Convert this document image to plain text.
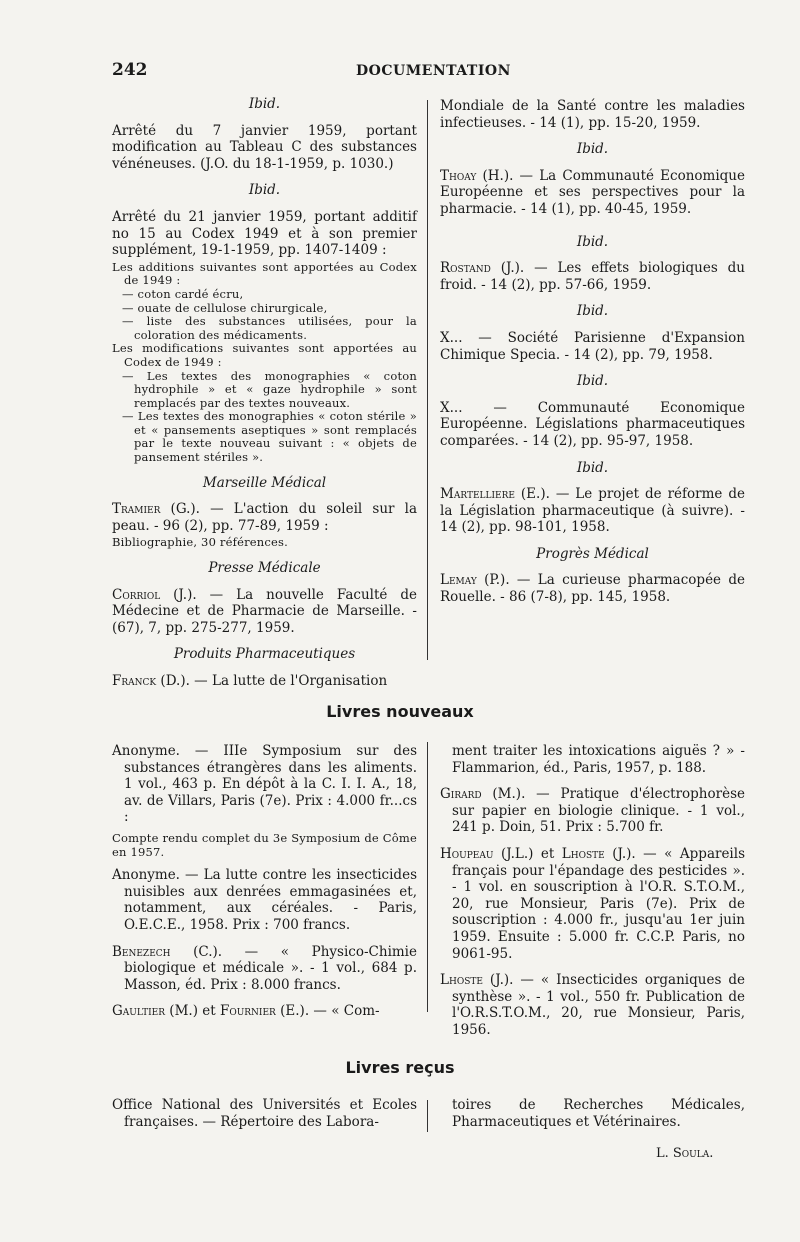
242	DOCUMENTATION
Ibid.
Arrêté du 7 janvier 1959, portant modification au Tableau C des substances vénéneuses. (J.O. du 18-1-1959, p. 1030.)
Ibid.
Arrêté du 21 janvier 1959, portant additif no 15 au Codex 1949 et à son premier supplément, 19-1-1959, pp. 1407-1409 :
Les additions suivantes sont apportées au Codex de 1949 :
— coton cardé écru,
— ouate de cellulose chirurgicale,
— liste des substances utilisées, pour la coloration des médicaments.
Les modifications suivantes sont apportées au Codex de 1949 :
— Les textes des monographies « coton hydrophile » et « gaze hydrophile » sont remplacés par des textes nouveaux.
— Les textes des monographies « coton stérile » et « pansements aseptiques » sont remplacés par le texte nouveau suivant : « objets de pansement stériles ».
Marseille Médical
Tramier (G.). — L'action du soleil sur la peau. - 96 (2), pp. 77-89, 1959 :
Bibliographie, 30 références.
Presse Médicale
Corriol (J.). — La nouvelle Faculté de Médecine et de Pharmacie de Marseille. - (67), 7, pp. 275-277, 1959.
Produits Pharmaceutiques
Franck (D.). — La lutte de l'Organisation
Mondiale de la Santé contre les maladies infectieuses. - 14 (1), pp. 15-20, 1959.
Ibid.
Thoay (H.). — La Communauté Economique Européenne et ses perspectives pour la pharmacie. - 14 (1), pp. 40-45, 1959.
Ibid.
Rostand (J.). — Les effets biologiques du froid. - 14 (2), pp. 57-66, 1959.
Ibid.
X... — Société Parisienne d'Expansion Chimique Specia. - 14 (2), pp. 79, 1958.
Ibid.
X... — Communauté Economique Européenne. Législations pharmaceutiques comparées. - 14 (2), pp. 95-97, 1958.
Ibid.
Martelliere (E.). — Le projet de réforme de la Législation pharmaceutique (à suivre). - 14 (2), pp. 98-101, 1958.
Progrès Médical
Lemay (P.). — La curieuse pharmacopée de Rouelle. - 86 (7-8), pp. 145, 1958.
Livres nouveaux
Anonyme. — IIIe Symposium sur des substances étrangères dans les aliments. 1 vol., 463 p. En dépôt à la C. I. I. A., 18, av. de Villars, Paris (7e). Prix : 4.000 fr...cs :
Compte rendu complet du 3e Symposium de Côme en 1957.
Anonyme. — La lutte contre les insecticides nuisibles aux denrées emmagasinées et, notamment, aux céréales. - Paris, O.E.C.E., 1958. Prix : 700 francs.
Benezech (C.). — « Physico-Chimie biologique et médicale ». - 1 vol., 684 p. Masson, éd. Prix : 8.000 francs.
Gaultier (M.) et Fournier (E.). — « Com-
ment traiter les intoxications aiguës ? » - Flammarion, éd., Paris, 1957, p. 188.
Girard (M.). — Pratique d'électrophorèse sur papier en biologie clinique. - 1 vol., 241 p. Doin, 51. Prix : 5.700 fr.
Houpeau (J.L.) et Lhoste (J.). — « Appareils français pour l'épandage des pesticides ». - 1 vol. en souscription à l'O.R. S.T.O.M., 20, rue Monsieur, Paris (7e). Prix de souscription : 4.000 fr., jusqu'au 1er juin 1959. Ensuite : 5.000 fr. C.C.P. Paris, no 9061-95.
Lhoste (J.). — « Insecticides organiques de synthèse ». - 1 vol., 550 fr. Publication de l'O.R.S.T.O.M., 20, rue Monsieur, Paris, 1956.
Livres reçus
Office National des Universités et Ecoles françaises. — Répertoire des Labora-
toires de Recherches Médicales, Pharmaceutiques et Vétérinaires.
L. Soula.
